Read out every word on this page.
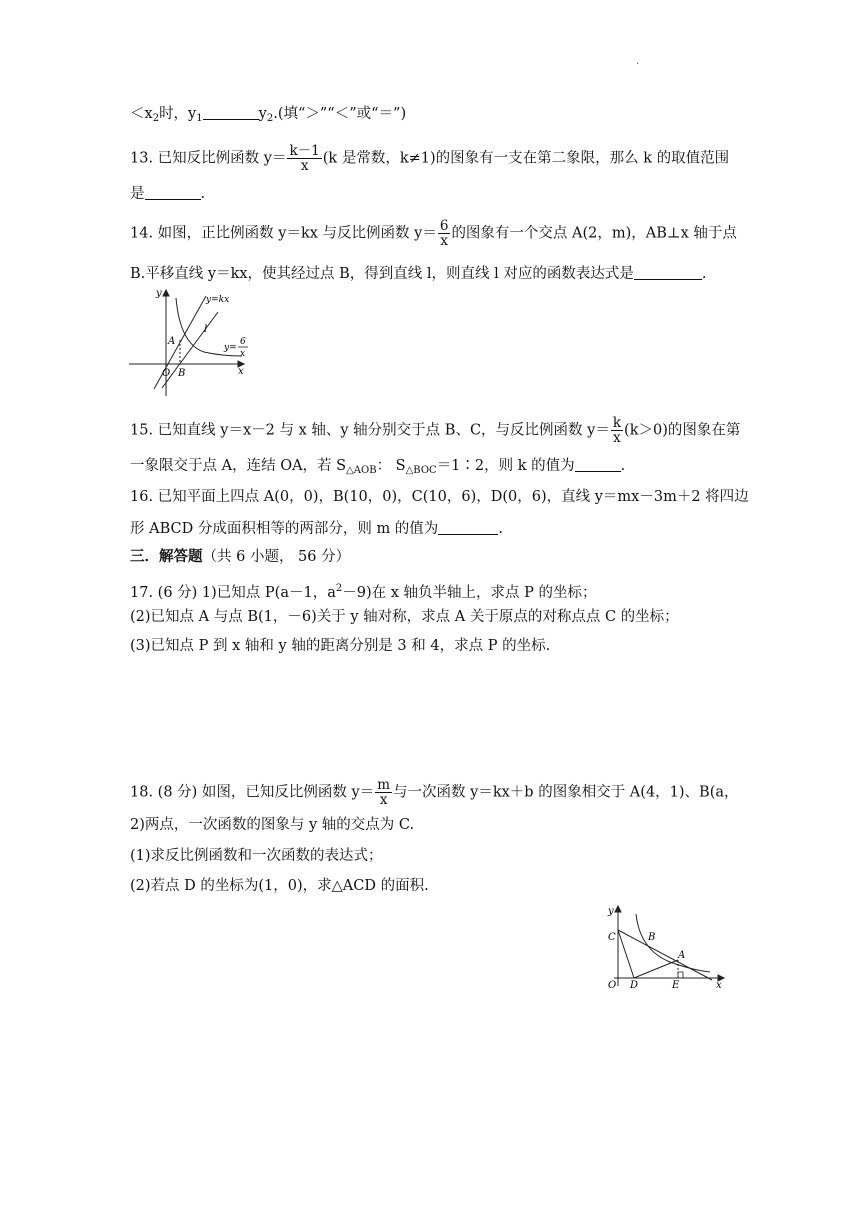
.
$<x_2$时，$y_1$	$y_2$.(填“＞”“＜”或“＝”)
13. 已知反比例函数 $y= \frac{k-1}{x} (k$ 是常数，k≠1)的图象有一支在第二象限，那么 k 的取值范围
是	.
14. 如图，正比例函数 y＝kx 与反比例函数 $y= \frac{6}{x}$ 的图象有一个交点 A(2，m)，AB⊥x 轴于点
B.平移直线 y＝kx，使其经过点 B，得到直线 l，则直线 l 对应的函数表达式是	.
y
x
O
A
B
y=kx
l
y=
6
x
15. 已知直线 y＝x－2 与 x 轴、y 轴分别交于点 B、C，与反比例函数 $y= \frac{k}{x} (k>0)$的图象在第
一象限交于点 A，连结 OA，若 $S_{\triangle AOB}$： $S_{\triangle BOC}=1∶2$，则 k 的值为	.
16. 已知平面上四点 A(0，0)，B(10，0)，C(10，6)，D(0，6)，直线 y＝mx－3m＋2 将四边
形 ABCD 分成面积相等的两部分，则 m 的值为	.
三．解答题（共 6 小题， 56 分）
17. (6 分) 1)已知点 P(a－1，$a^2-9$)在 x 轴负半轴上，求点 P 的坐标；
(2)已知点 A 与点 B(1，－6)关于 y 轴对称，求点 A 关于原点的对称点点 C 的坐标；
(3)已知点 P 到 x 轴和 y 轴的距离分别是 3 和 4，求点 P 的坐标.
18. (8 分) 如图，已知反比例函数 $y= \frac{m}{x}$ 与一次函数 y＝kx＋b 的图象相交于 A(4，1)、B(a，
2)两点，一次函数的图象与 y 轴的交点为 C.
(1)求反比例函数和一次函数的表达式；
(2)若点 D 的坐标为(1，0)，求△ACD 的面积.
y
x
O
C	B
A
D	E
